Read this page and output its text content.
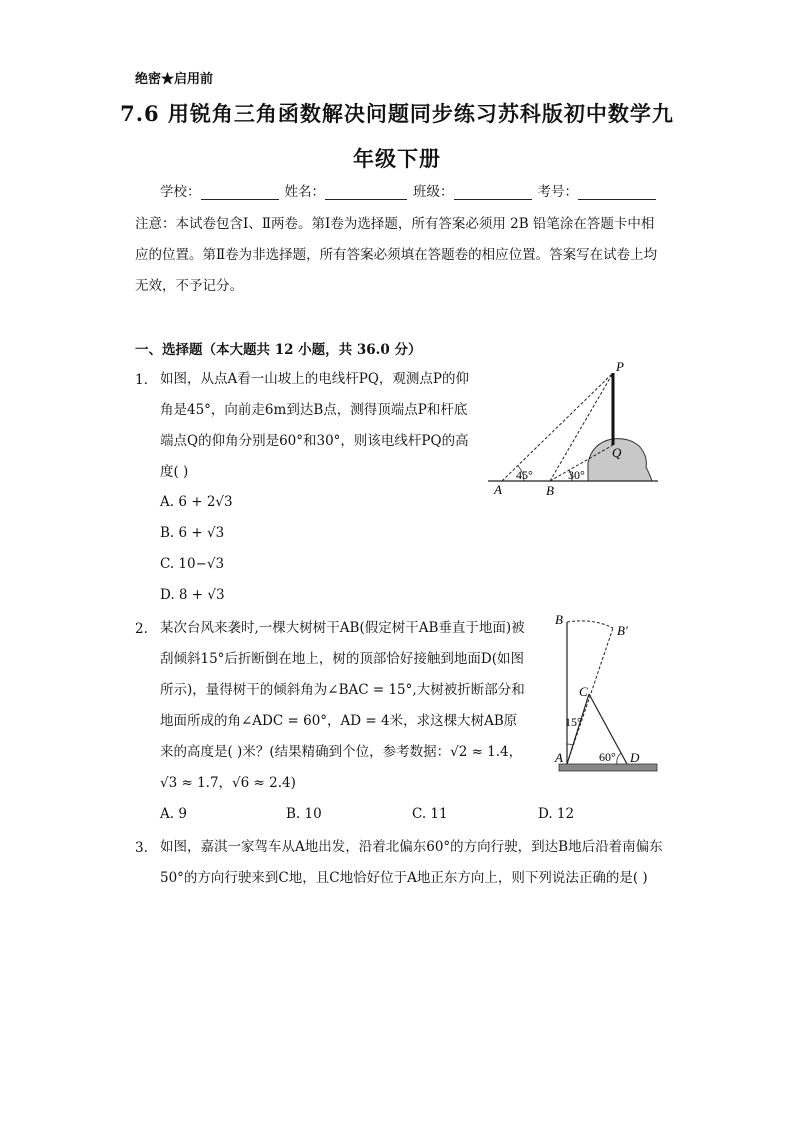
绝密★启用前
7.6 用锐角三角函数解决问题同步练习苏科版初中数学九
年级下册
学校：	姓名：	班级：	考号：
注意：本试卷包含Ⅰ、Ⅱ两卷。第Ⅰ卷为选择题，所有答案必须用 2B 铅笔涂在答题卡中相应的位置。第Ⅱ卷为非选择题，所有答案必须填在答题卷的相应位置。答案写在试卷上均无效，不予记分。
一、选择题（本大题共 12 小题，共 36.0 分）
1. 如图，从点A看一山坡上的电线杆PQ，观测点P的仰角是45°，向前走6m到达B点，测得顶端点P和杆底端点Q的仰角分别是60°和30°，则该电线杆PQ的高度( )
A. 6 + 2√3
B. 6 + √3
C. 10−√3
D. 8 + √3
P
Q
A	B
45°	30°
2. 某次台风来袭时,一棵大树树干AB(假定树干AB垂直于地面)被刮倾斜15°后折断倒在地上，树的顶部恰好接触到地面D(如图所示)，量得树干的倾斜角为∠BAC = 15°,大树被折断部分和地面所成的角∠ADC = 60°，AD = 4米，求这棵大树AB原来的高度是( )米？(结果精确到个位，参考数据：√2 ≈ 1.4，√3 ≈ 1.7，√6 ≈ 2.4)
A. 9	B. 10	C. 11	D. 12
B
B′
C
A	D
15°
60°
3. 如图，嘉淇一家驾车从A地出发，沿着北偏东60°的方向行驶，到达B地后沿着南偏东50°的方向行驶来到C地，且C地恰好位于A地正东方向上，则下列说法正确的是( )
